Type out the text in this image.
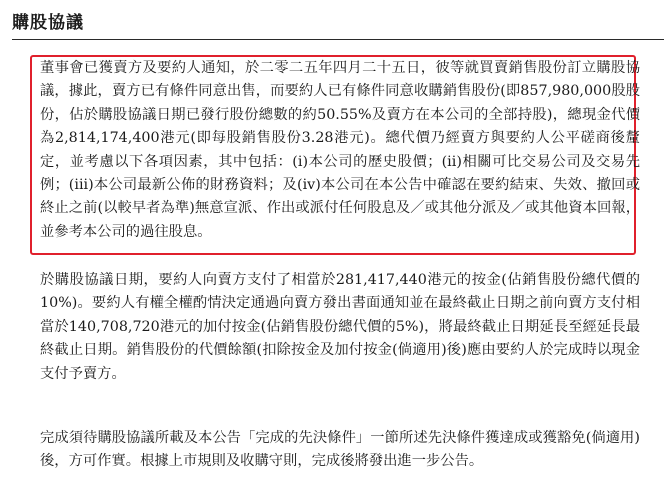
購股協議

董事會已獲賣方及要約人通知，於二零二五年四月二十五日，彼等就買賣銷售股份訂立購股協議，據此，賣方已有條件同意出售，而要約人已有條件同意收購銷售股份(即857,980,000股股份，佔於購股協議日期已發行股份總數的約50.55%及賣方在本公司的全部持股)，總現金代價為2,814,174,400港元(即每股銷售股份3.28港元)。總代價乃經賣方與要約人公平磋商後釐定，並考慮以下各項因素，其中包括：(i)本公司的歷史股價；(ii)相關可比交易公司及交易先例；(iii)本公司最新公佈的財務資料；及(iv)本公司在本公告中確認在要約結束、失效、撤回或終止之前(以較早者為準)無意宣派、作出或派付任何股息及／或其他分派及／或其他資本回報，並參考本公司的過往股息。

於購股協議日期，要約人向賣方支付了相當於281,417,440港元的按金(佔銷售股份總代價的10%)。要約人有權全權酌情決定通過向賣方發出書面通知並在最終截止日期之前向賣方支付相當於140,708,720港元的加付按金(佔銷售股份總代價的5%)，將最終截止日期延長至經延長最終截止日期。銷售股份的代價餘額(扣除按金及加付按金(倘適用)後)應由要約人於完成時以現金支付予賣方。

完成須待購股協議所載及本公告「完成的先決條件」一節所述先決條件獲達成或獲豁免(倘適用)後，方可作實。根據上市規則及收購守則，完成後將發出進一步公告。
